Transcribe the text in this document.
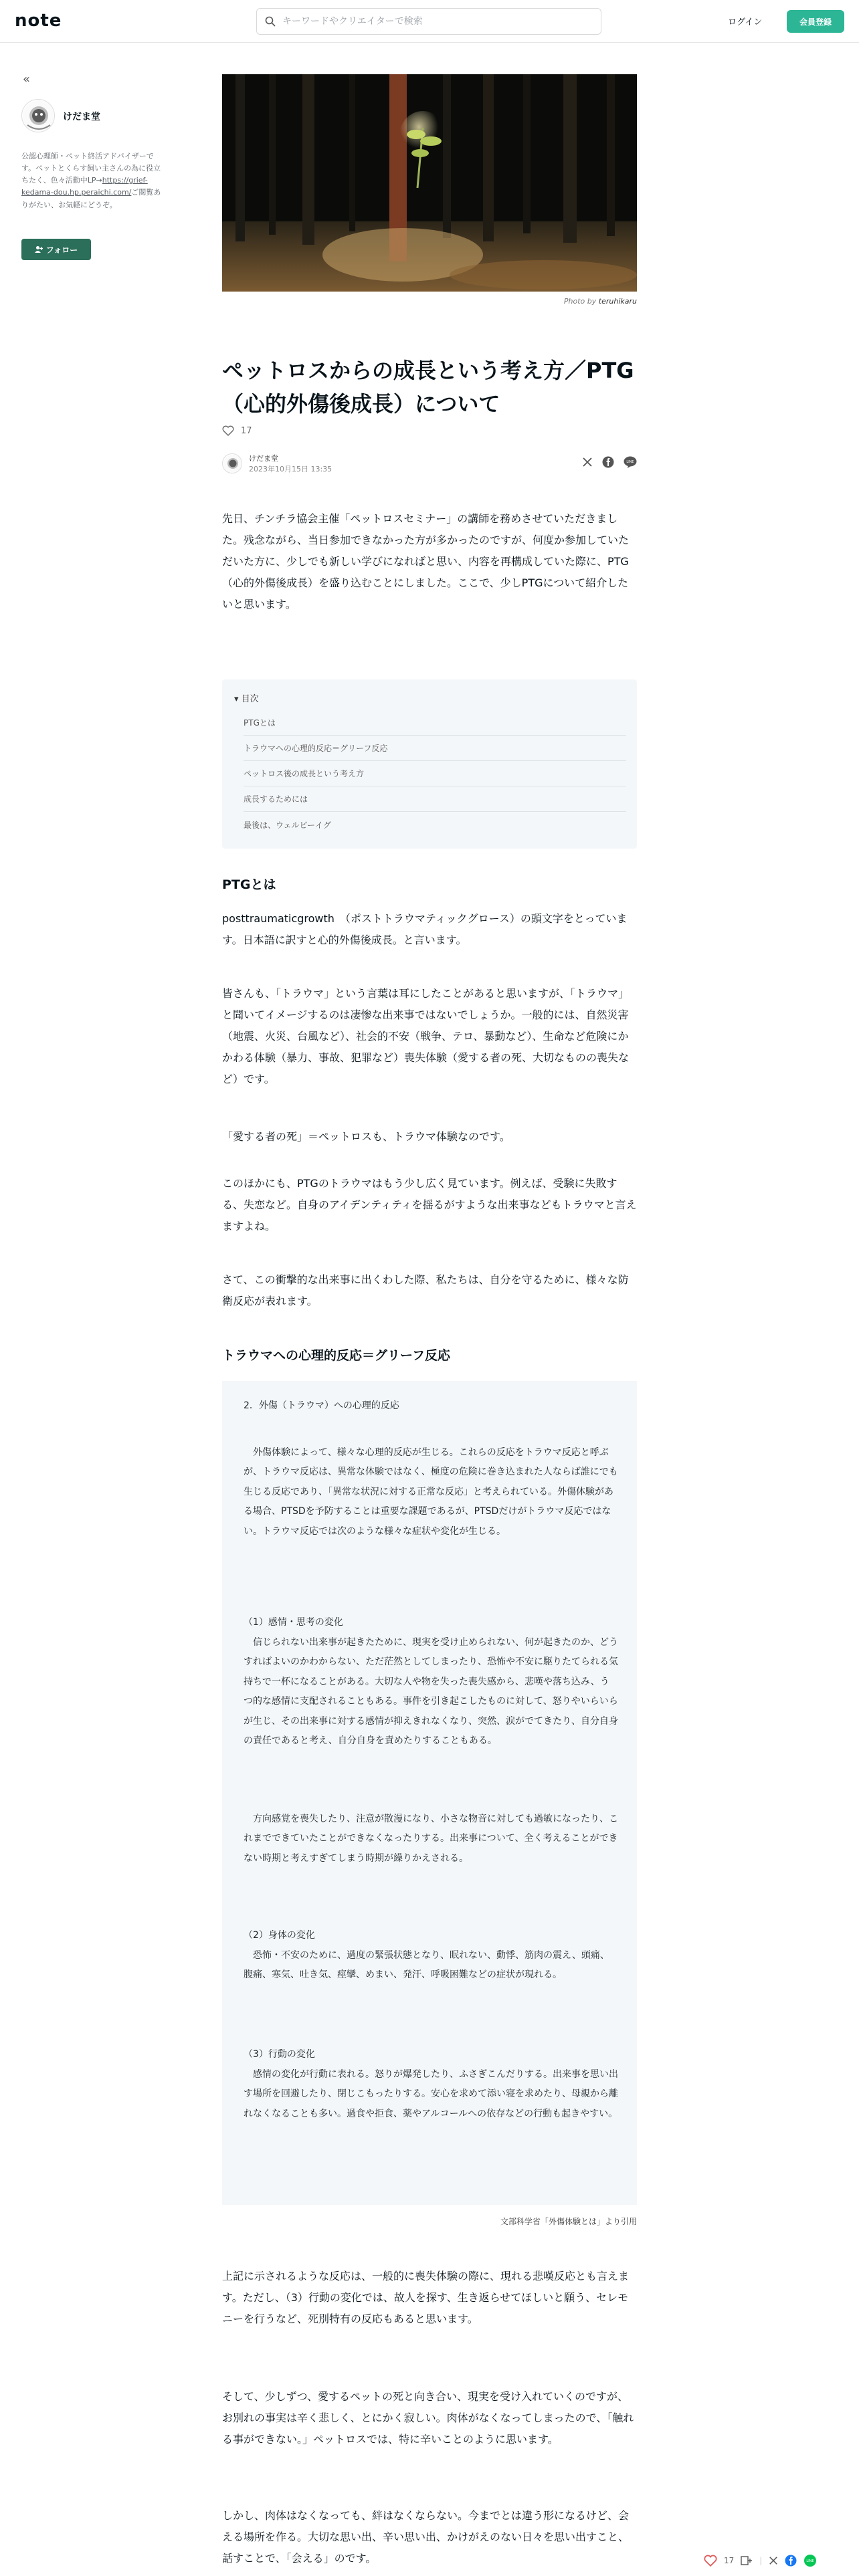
note
キーワードやクリエイターで検索	ログイン	会員登録
«
けだま堂
公認心理師・ペット終活アドバイザーです。ペットとくらす飼い主さんの為に役立ちたく、色々活動中LP→https://grief-kedama-dou.hp.peraichi.com/ご閲覧ありがたい、お気軽にどうぞ。
フォロー
Photo by teruhikaru
ペットロスからの成長という考え方／PTG（心的外傷後成長）について
17
けだま堂
2023年10月15日 13:35
LINE
先日、チンチラ協会主催「ペットロスセミナー」の講師を務めさせていただきました。残念ながら、当日参加できなかった方が多かったのですが、何度か参加していただいた方に、少しでも新しい学びになればと思い、内容を再構成していた際に、PTG（心的外傷後成長）を盛り込むことにしました。ここで、少しPTGについて紹介したいと思います。
▾ 目次
PTGとは
トラウマへの心理的反応＝グリーフ反応
ペットロス後の成長という考え方
成長するためには
最後は、ウェルビーイグ
PTGとは
posttraumaticgrowth　（ポストトラウマティックグロース）の頭文字をとっています。日本語に訳すと心的外傷後成長。と言います。
皆さんも、「トラウマ」という言葉は耳にしたことがあると思いますが、「トラウマ」と聞いてイメージするのは凄惨な出来事ではないでしょうか。一般的には、自然災害（地震、火災、台風など）、社会的不安（戦争、テロ、暴動など）、生命など危険にかかわる体験（暴力、事故、犯罪など）喪失体験（愛する者の死、大切なものの喪失など）です。
「愛する者の死」＝ペットロスも、トラウマ体験なのです。
このほかにも、PTGのトラウマはもう少し広く見ています。例えば、受験に失敗する、失恋など。自身のアイデンティティを揺るがすような出来事などもトラウマと言えますよね。
さて、この衝撃的な出来事に出くわした際、私たちは、自分を守るために、様々な防衛反応が表れます。
トラウマへの心理的反応＝グリーフ反応
2．外傷（トラウマ）への心理的反応
　外傷体験によって、様々な心理的反応が生じる。これらの反応をトラウマ反応と呼ぶが、トラウマ反応は、異常な体験ではなく、極度の危険に巻き込まれた人ならば誰にでも生じる反応であり、「異常な状況に対する正常な反応」と考えられている。外傷体験がある場合、PTSDを予防することは重要な課題であるが、PTSDだけがトラウマ反応ではない。トラウマ反応では次のような様々な症状や変化が生じる。
（1）感情・思考の変化
　信じられない出来事が起きたために、現実を受け止められない、何が起きたのか、どうすればよいのかわからない、ただ茫然としてしまったり、恐怖や不安に駆りたてられる気持ちで一杯になることがある。大切な人や物を失った喪失感から、悲嘆や落ち込み、うつ的な感情に支配されることもある。事件を引き起こしたものに対して、怒りやいらいらが生じ、その出来事に対する感情が抑えきれなくなり、突然、涙がでてきたり、自分自身の責任であると考え、自分自身を責めたりすることもある。
　方向感覚を喪失したり、注意が散漫になり、小さな物音に対しても過敏になったり、これまでできていたことができなくなったりする。出来事について、全く考えることができない時期と考えすぎてしまう時期が繰りかえされる。
（2）身体の変化
　恐怖・不安のために、過度の緊張状態となり、眠れない、動悸、筋肉の震え、頭痛、腹痛、寒気、吐き気、痙攣、めまい、発汗、呼吸困難などの症状が現れる。
（3）行動の変化
　感情の変化が行動に表れる。怒りが爆発したり、ふさぎこんだりする。出来事を思い出す場所を回避したり、閉じこもったりする。安心を求めて添い寝を求めたり、母親から離れなくなることも多い。過食や拒食、薬やアルコールへの依存などの行動も起きやすい。
文部科学省「外傷体験とは」より引用
上記に示されるような反応は、一般的に喪失体験の際に、現れる悲嘆反応とも言えます。ただし、（3）行動の変化では、故人を探す、生き返らせてほしいと願う、セレモニーを行うなど、死別特有の反応もあると思います。
そして、少しずつ、愛するペットの死と向き合い、現実を受け入れていくのですが、お別れの事実は辛く悲しく、とにかく寂しい。肉体がなくなってしまったので、「触れる事ができない。」ペットロスでは、特に辛いことのように思います。
しかし、肉体はなくなっても、絆はなくならない。今までとは違う形になるけど、会える場所を作る。大切な思い出、辛い思い出、かけがえのない日々を思い出すこと、話すことで、「会える」のです。	17	|	LINE
